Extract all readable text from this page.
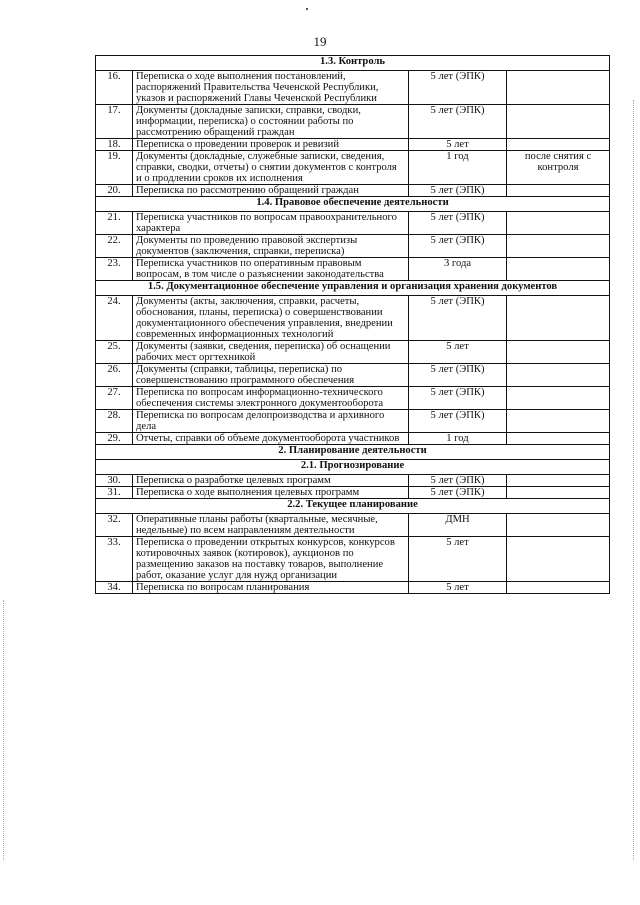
19
1.3. Контроль			
16.	Переписка о ходе выполнения постановлений, распоряжений Правительства Чеченской Республики, указов и распоряжений Главы Чеченской Республики	5 лет (ЭПК)	
17.	Документы (докладные записки, справки, сводки, информации, переписка) о состоянии работы по рассмотрению обращений граждан	5 лет (ЭПК)	
18.	Переписка о проведении проверок и ревизий	5 лет	
19.	Документы (докладные, служебные записки, сведения, справки, сводки, отчеты) о снятии документов с контроля и о продлении сроков их исполнения	1 год	после снятия с контроля
20.	Переписка по рассмотрению обращений граждан	5 лет (ЭПК)	
1.4. Правовое обеспечение деятельности			
21.	Переписка участников по вопросам правоохранительного характера	5 лет (ЭПК)	
22.	Документы по проведению правовой экспертизы документов (заключения, справки, переписка)	5 лет (ЭПК)	
23.	Переписка участников по оперативным правовым вопросам, в том числе о разъяснении законодательства	3 года	
1.5. Документационное обеспечение управления и организация хранения документов			
24.	Документы (акты, заключения, справки, расчеты, обоснования, планы, переписка) о совершенствовании документационного обеспечения управления, внедрении современных информационных технологий	5 лет (ЭПК)	
25.	Документы (заявки, сведения, переписка) об оснащении рабочих мест оргтехникой	5 лет	
26.	Документы (справки, таблицы, переписка) по совершенствованию программного обеспечения	5 лет (ЭПК)	
27.	Переписка по вопросам информационно-технического обеспечения системы электронного документооборота	5 лет (ЭПК)	
28.	Переписка по вопросам делопроизводства и архивного дела	5 лет (ЭПК)	
29.	Отчеты, справки об объеме документооборота участников	1 год	
2. Планирование деятельности			
2.1. Прогнозирование			
30.	Переписка о разработке целевых программ	5 лет (ЭПК)	
31.	Переписка о ходе выполнения целевых программ	5 лет (ЭПК)	
2.2. Текущее планирование			
32.	Оперативные планы работы (квартальные, месячные, недельные) по всем направлениям деятельности	ДМН	
33.	Переписка о проведении открытых конкурсов, конкурсов котировочных заявок (котировок), аукционов по размещению заказов на поставку товаров, выполнение работ, оказание услуг для нужд организации	5 лет	
34.	Переписка по вопросам планирования	5 лет	
